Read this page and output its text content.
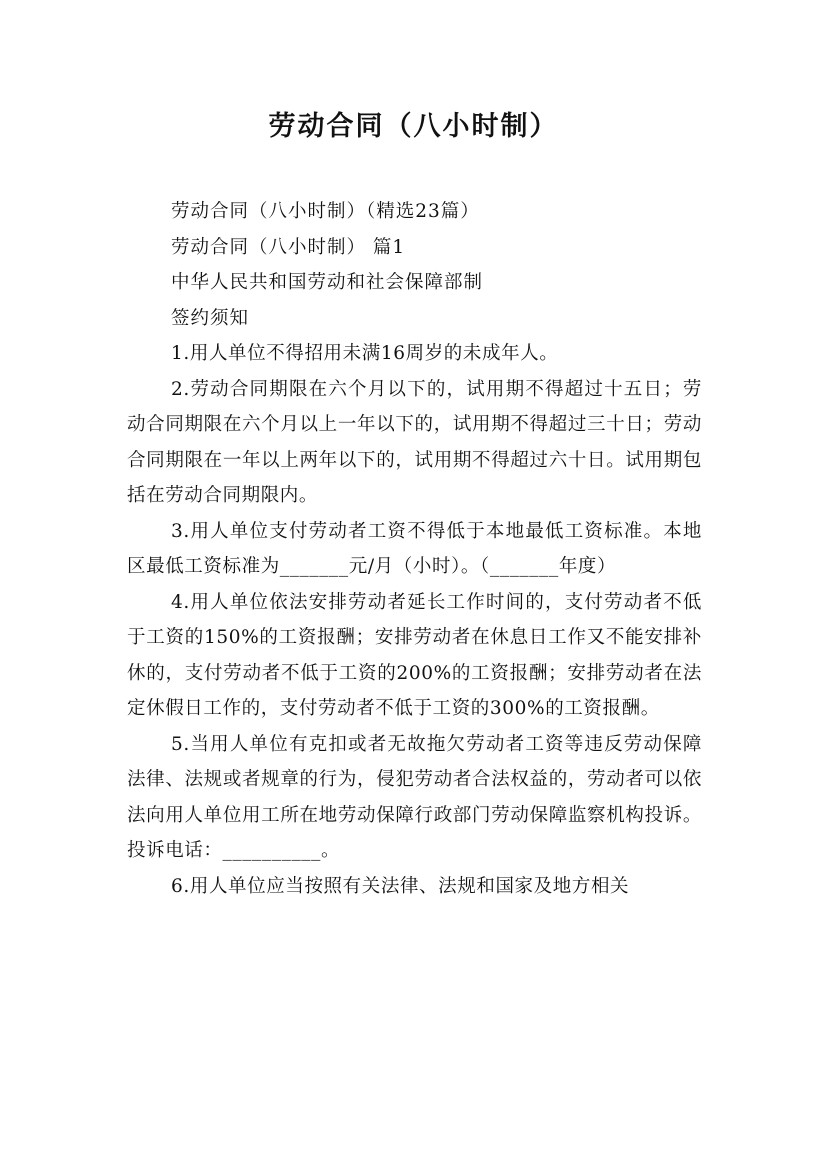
劳动合同（八小时制）

劳动合同（八小时制）（精选23篇）

劳动合同（八小时制） 篇1

中华人民共和国劳动和社会保障部制

签约须知

1.用人单位不得招用未满16周岁的未成年人。

2.劳动合同期限在六个月以下的，试用期不得超过十五日；劳动合同期限在六个月以上一年以下的，试用期不得超过三十日；劳动合同期限在一年以上两年以下的，试用期不得超过六十日。试用期包括在劳动合同期限内。

3.用人单位支付劳动者工资不得低于本地最低工资标准。本地区最低工资标准为_______元/月（小时）。（_______年度）

4.用人单位依法安排劳动者延长工作时间的，支付劳动者不低于工资的150%的工资报酬；安排劳动者在休息日工作又不能安排补休的，支付劳动者不低于工资的200%的工资报酬；安排劳动者在法定休假日工作的，支付劳动者不低于工资的300%的工资报酬。

5.当用人单位有克扣或者无故拖欠劳动者工资等违反劳动保障法律、法规或者规章的行为，侵犯劳动者合法权益的，劳动者可以依法向用人单位用工所在地劳动保障行政部门劳动保障监察机构投诉。投诉电话：__________。

6.用人单位应当按照有关法律、法规和国家及地方相关
